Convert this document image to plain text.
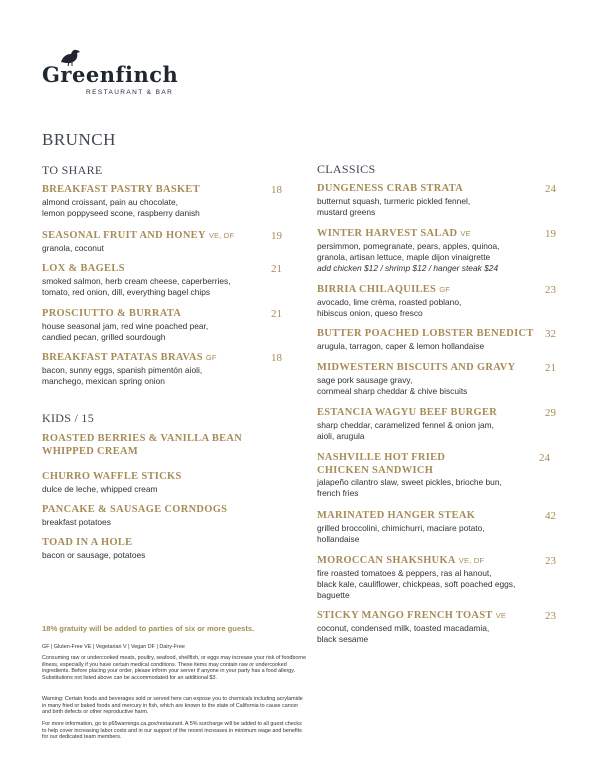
Greenfinch
RESTAURANT & BAR
BRUNCH
TO SHARE
BREAKFAST PASTRY BASKET	18
almond croissant, pain au chocolate,
lemon poppyseed scone, raspberry danish
SEASONAL FRUIT AND HONEY VE, DF	19
granola, coconut
LOX & BAGELS	21
smoked salmon, herb cream cheese, caperberries,
tomato, red onion, dill, everything bagel chips
PROSCIUTTO & BURRATA	21
house seasonal jam, red wine poached pear,
candied pecan, grilled sourdough
BREAKFAST PATATAS BRAVAS GF	18
bacon, sunny eggs, spanish pimentón aioli,
manchego, mexican spring onion
KIDS / 15
ROASTED BERRIES & VANILLA BEAN
WHIPPED CREAM
CHURRO WAFFLE STICKS
dulce de leche, whipped cream
PANCAKE & SAUSAGE CORNDOGS
breakfast potatoes
TOAD IN A HOLE
bacon or sausage, potatoes
CLASSICS
DUNGENESS CRAB STRATA	24
butternut squash, turmeric pickled fennel,
mustard greens
WINTER HARVEST SALAD VE	19
persimmon, pomegranate, pears, apples, quinoa,
granola, artisan lettuce, maple dijon vinaigrette
add chicken $12 / shrimp $12 / hanger steak $24
BIRRIA CHILAQUILES GF	23
avocado, lime crèma, roasted poblano,
hibiscus onion, queso fresco
BUTTER POACHED LOBSTER BENEDICT	32
arugula, tarragon, caper & lemon hollandaise
MIDWESTERN BISCUITS AND GRAVY	21
sage pork sausage gravy,
cornmeal sharp cheddar & chive biscuits
ESTANCIA WAGYU BEEF BURGER	29
sharp cheddar, caramelized fennel & onion jam,
aioli, arugula
NASHVILLE HOT FRIED
CHICKEN SANDWICH
24
jalapeño cilantro slaw, sweet pickles, brioche bun,
french fries
MARINATED HANGER STEAK	42
grilled broccolini, chimichurri, maciare potato,
hollandaise
MOROCCAN SHAKSHUKA VE, DF	23
fire roasted tomatoes & peppers, ras al hanout,
black kale, cauliflower, chickpeas, soft poached eggs,
baguette
STICKY MANGO FRENCH TOAST VE	23
coconut, condensed milk, toasted macadamia,
black sesame
18% gratuity will be added to parties of six or more guests.
GF | Gluten-Free VE | Vegetarian V | Vegan DF | Dairy-Free
Consuming raw or undercooked meats, poultry, seafood, shellfish, or eggs may increase your risk of foodborne illness, especially if you have certain medical conditions. These items may contain raw or undercooked ingredients. Before placing your order, please inform your server if anyone in your party has a food allergy. Substitutions not listed above can be accommodated for an additional $3.
Warning: Certain foods and beverages sold or served here can expose you to chemicals including acrylamide in many fried or baked foods and mercury in fish, which are known to the state of California to cause cancer and birth defects or other reproductive harm.
For more information, go to p65warnings.ca.gov/restaurant. A 5% surcharge will be added to all guest checks to help cover increasing labor costs and in our support of the recent increases in minimum wage and benefits for our dedicated team members.
